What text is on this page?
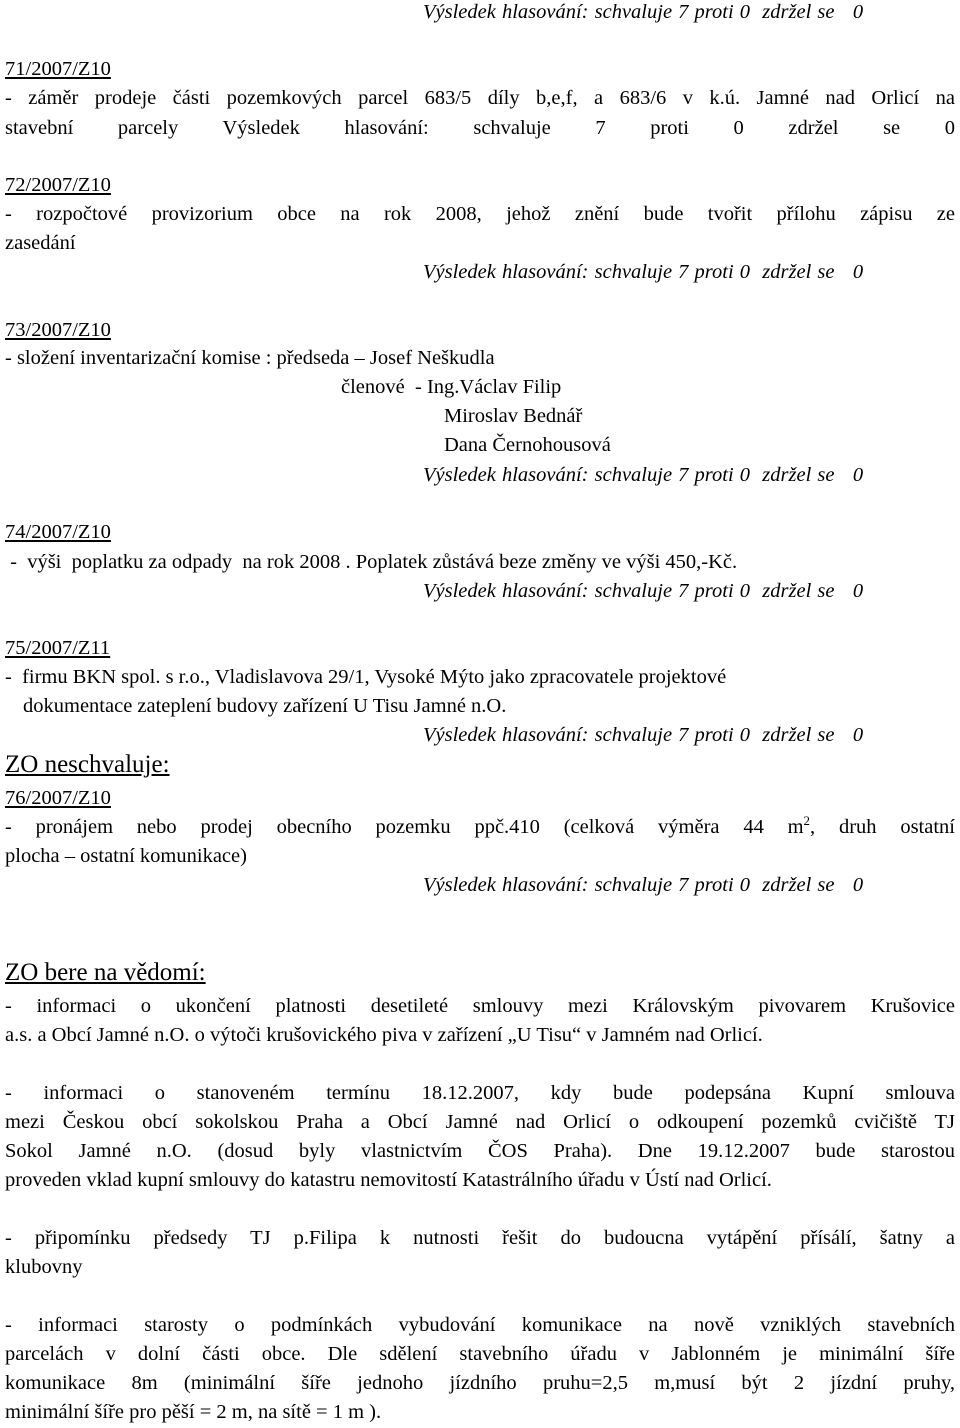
Výsledek hlasování: schvaluje 7 proti 0  zdržel se   0
71/2007/Z10
- záměr prodeje části pozemkových parcel 683/5 díly b,e,f, a 683/6 v k.ú. Jamné nad Orlicí na
stavební parcely Výsledek hlasování: schvaluje 7 proti 0 zdržel se 0
72/2007/Z10
- rozpočtové provizorium obce na rok 2008, jehož znění bude tvořit přílohu zápisu ze
zasedání
Výsledek hlasování: schvaluje 7 proti 0  zdržel se   0
73/2007/Z10
- složení inventarizační komise : předseda – Josef Neškudla
členové  - Ing.Václav Filip
Miroslav Bednář
Dana Černohousová
Výsledek hlasování: schvaluje 7 proti 0  zdržel se   0
74/2007/Z10
-  výši  poplatku za odpady  na rok 2008 . Poplatek zůstává beze změny ve výši 450,-Kč.
Výsledek hlasování: schvaluje 7 proti 0  zdržel se   0
75/2007/Z11
-  firmu BKN spol. s r.o., Vladislavova 29/1, Vysoké Mýto jako zpracovatele projektové
dokumentace zateplení budovy zařízení U Tisu Jamné n.O.
Výsledek hlasování: schvaluje 7 proti 0  zdržel se   0
ZO neschvaluje:
76/2007/Z10
- pronájem nebo prodej obecního pozemku ppč.410 (celková výměra 44 $m^2$, druh ostatní
plocha – ostatní komunikace)
Výsledek hlasování: schvaluje 7 proti 0  zdržel se   0
ZO bere na vědomí:
- informaci o ukončení platnosti desetileté smlouvy mezi Královským pivovarem Krušovice
a.s. a Obcí Jamné n.O. o výtoči krušovického piva v zařízení „U Tisu“ v Jamném nad Orlicí.
- informaci o stanoveném termínu 18.12.2007, kdy bude podepsána Kupní smlouva
mezi Českou obcí sokolskou Praha a Obcí Jamné nad Orlicí o odkoupení pozemků cvičiště TJ
Sokol Jamné n.O. (dosud byly vlastnictvím ČOS Praha). Dne 19.12.2007 bude starostou
proveden vklad kupní smlouvy do katastru nemovitostí Katastrálního úřadu v Ústí nad Orlicí.
- připomínku předsedy TJ p.Filipa k nutnosti řešit do budoucna vytápění přísálí, šatny a
klubovny
- informaci starosty o podmínkách vybudování komunikace na nově vzniklých stavebních
parcelách v dolní části obce. Dle sdělení stavebního úřadu v Jablonném je minimální šíře
komunikace 8m (minimální šíře jednoho jízdního pruhu=2,5 m,musí být 2 jízdní pruhy,
minimální šíře pro pěší = 2 m, na sítě = 1 m ).
